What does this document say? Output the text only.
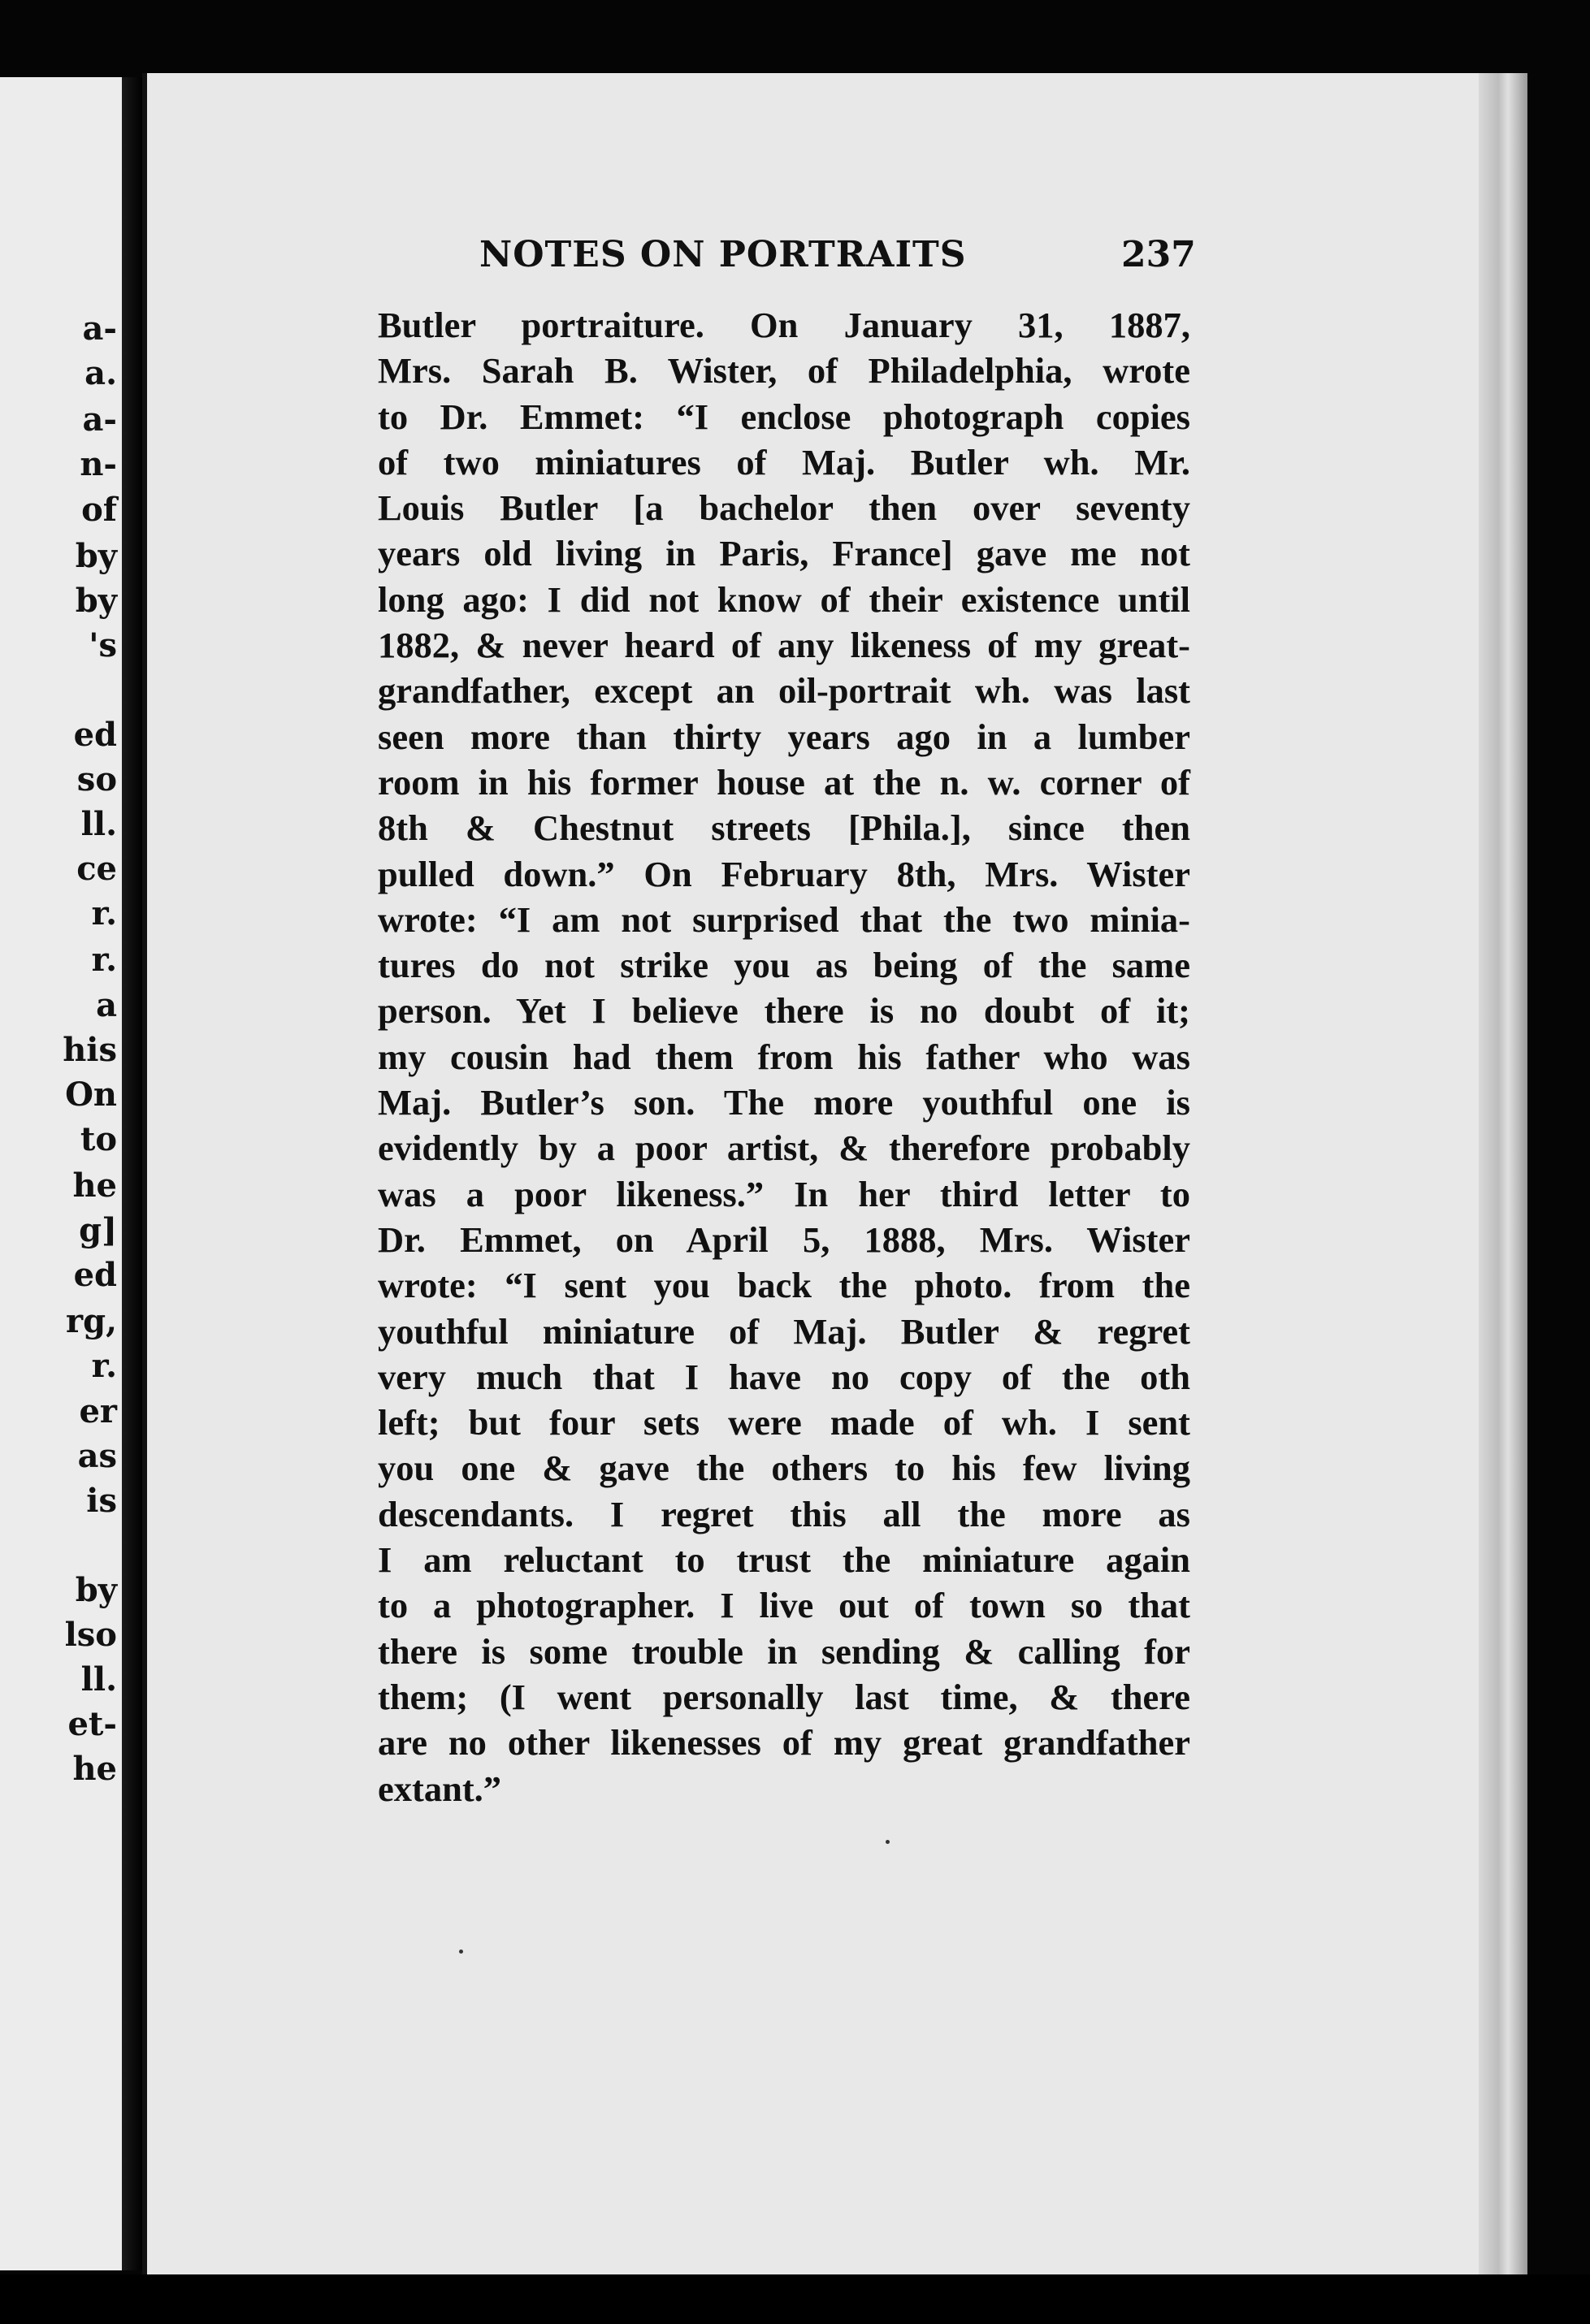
a-
a.
a-
n-
of
by
by
's
ed
so
ll.
ce
r.
r.
a
his
On
to
he
g]
ed
rg,
r.
er
as
is
by
lso
ll.
et-
he
NOTES ON PORTRAITS	237
Butler portraiture. On January 31, 1887,
Mrs. Sarah B. Wister, of Philadelphia, wrote
to Dr. Emmet: “I enclose photograph copies
of two miniatures of Maj. Butler wh. Mr.
Louis Butler [a bachelor then over seventy
years old living in Paris, France] gave me not
long ago: I did not know of their existence until
1882, & never heard of any likeness of my great-
grandfather, except an oil-portrait wh. was last
seen more than thirty years ago in a lumber
room in his former house at the n. w. corner of
8th & Chestnut streets [Phila.], since then
pulled down.” On February 8th, Mrs. Wister
wrote: “I am not surprised that the two minia-
tures do not strike you as being of the same
person. Yet I believe there is no doubt of it;
my cousin had them from his father who was
Maj. Butler’s son. The more youthful one is
evidently by a poor artist, & therefore probably
was a poor likeness.” In her third letter to
Dr. Emmet, on April 5, 1888, Mrs. Wister
wrote: “I sent you back the photo. from the
youthful miniature of Maj. Butler & regret
very much that I have no copy of the oth
left; but four sets were made of wh. I sent
you one & gave the others to his few living
descendants. I regret this all the more as
I am reluctant to trust the miniature again
to a photographer. I live out of town so that
there is some trouble in sending & calling for
them; (I went personally last time, & there
are no other likenesses of my great grandfather
extant.”
